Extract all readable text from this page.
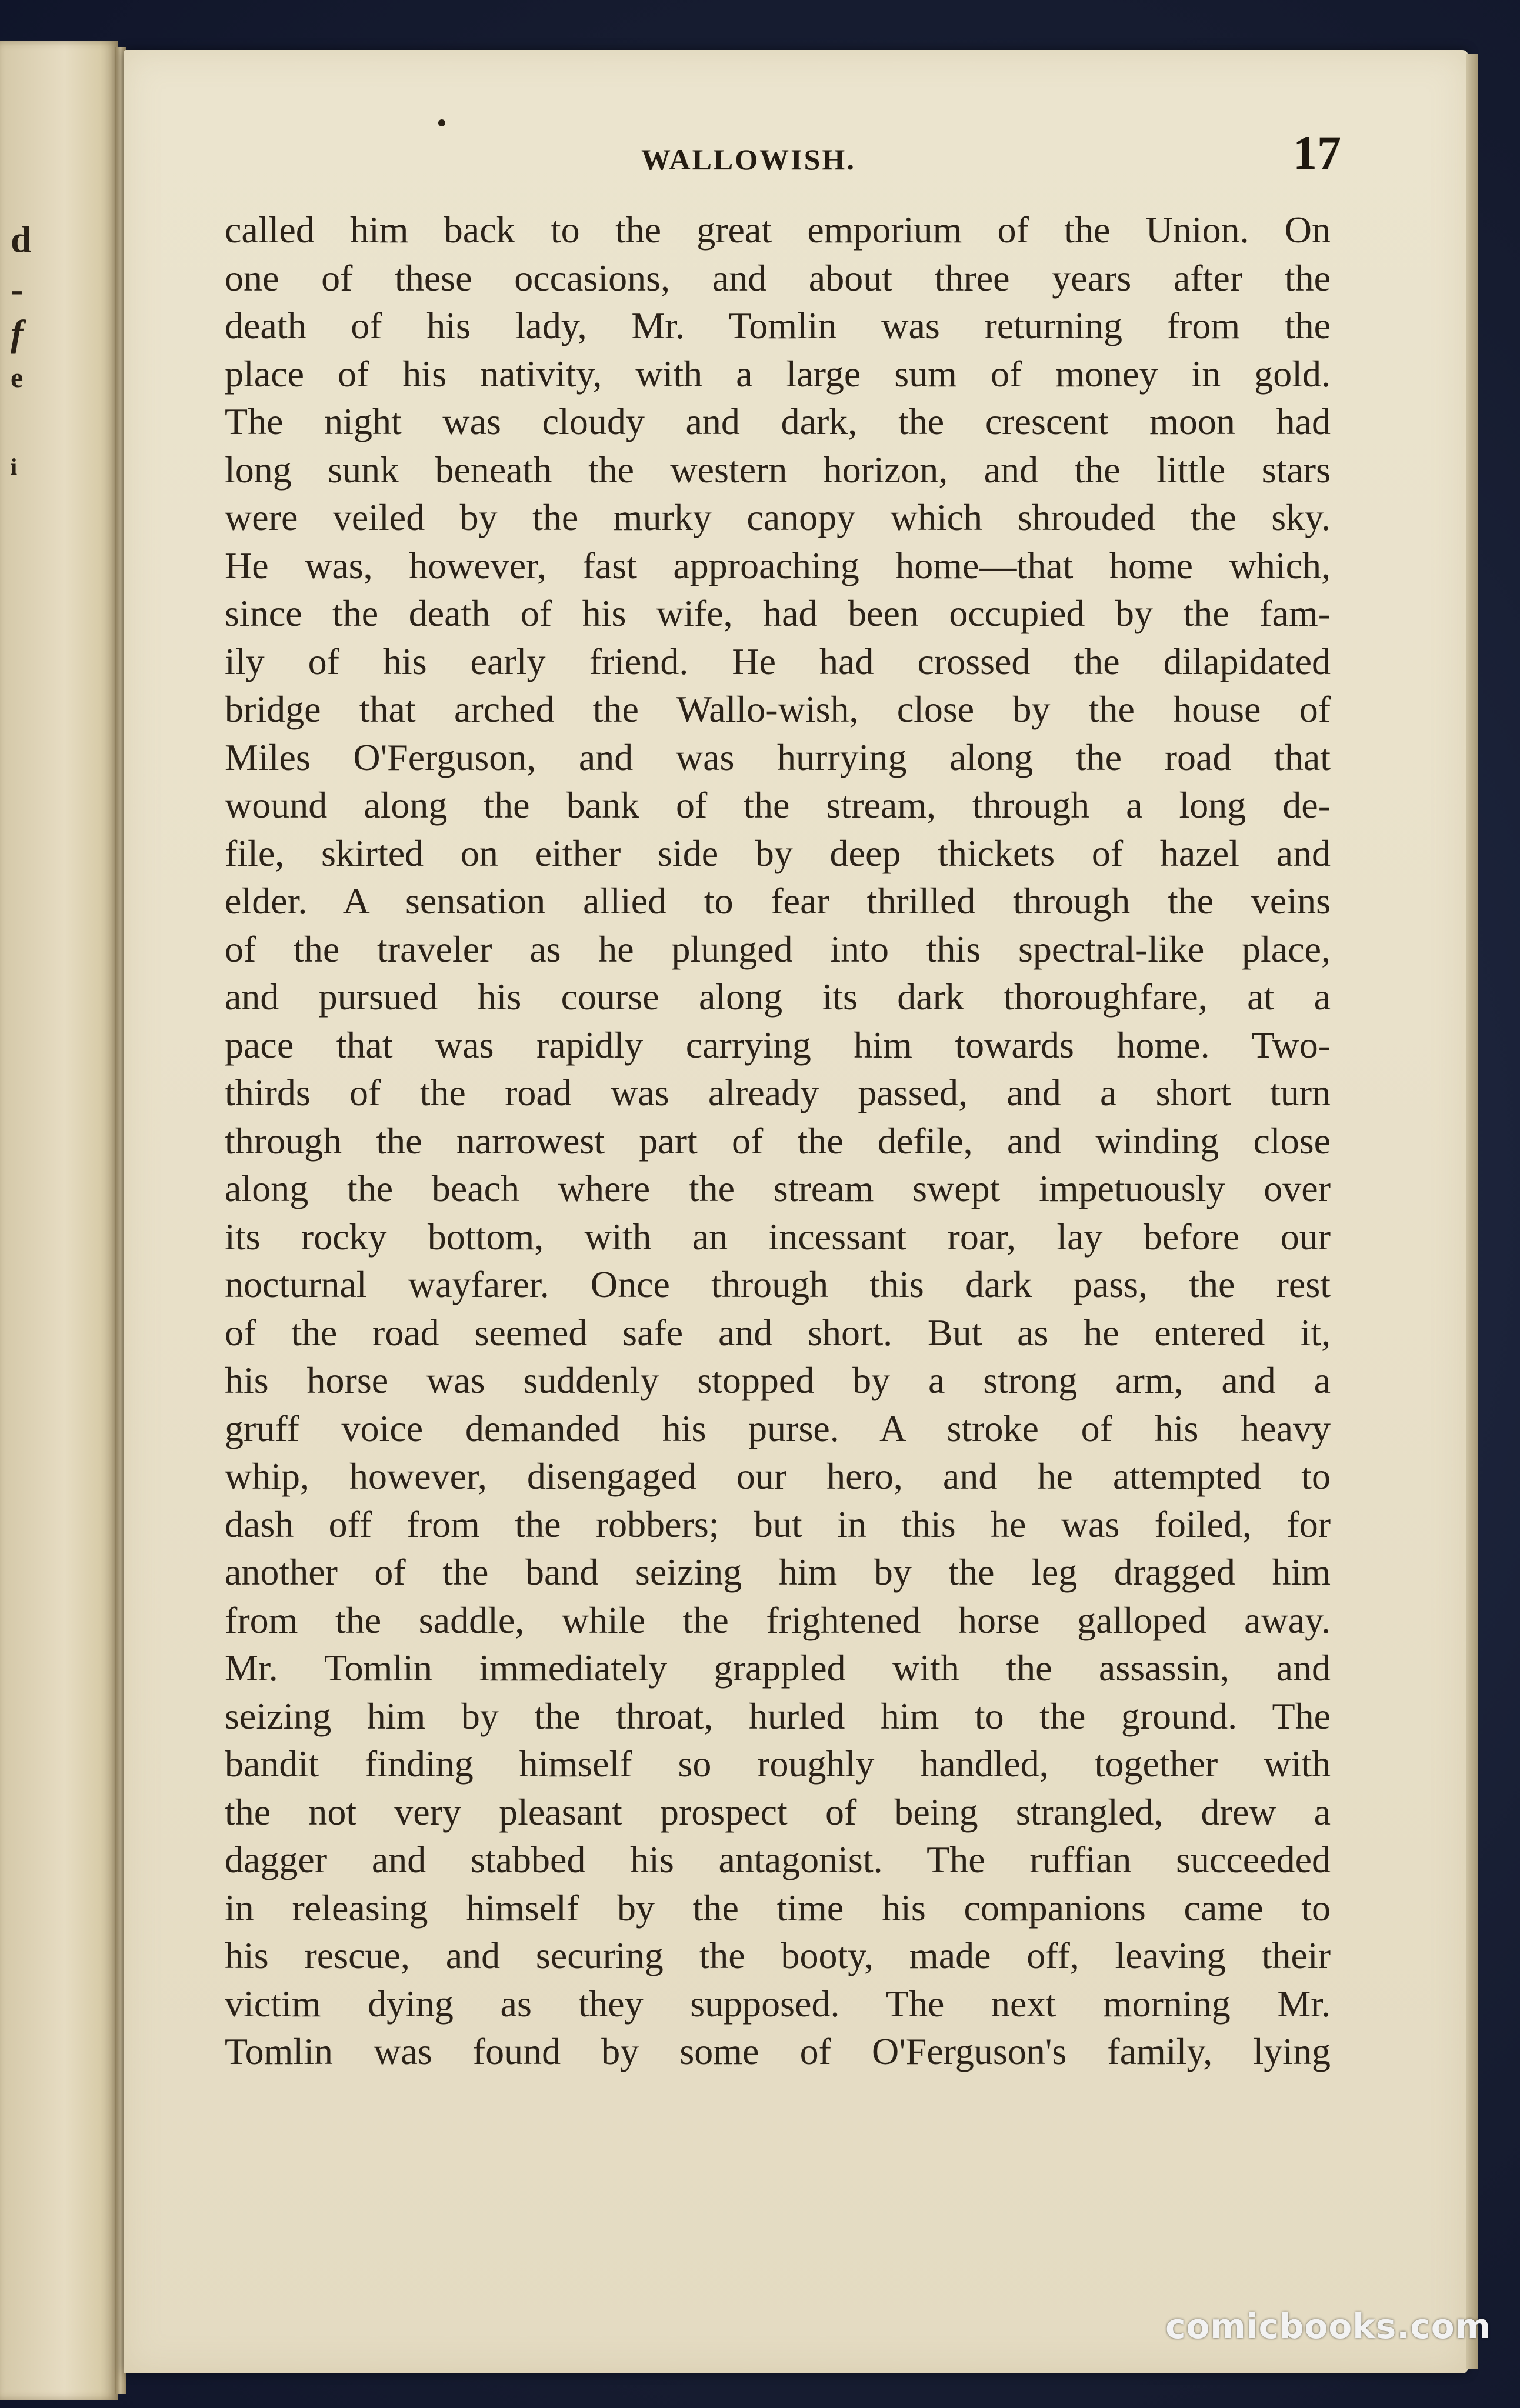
d
-
f
e
i
WALLOWISH.	17
called him back to the great emporium of the Union. On
one of these occasions, and about three years after the
death of his lady, Mr. Tomlin was returning from the
place of his nativity, with a large sum of money in gold.
The night was cloudy and dark, the crescent moon had
long sunk beneath the western horizon, and the little stars
were veiled by the murky canopy which shrouded the sky.
He was, however, fast approaching home—that home which,
since the death of his wife, had been occupied by the fam-
ily of his early friend. He had crossed the dilapidated
bridge that arched the Wallo-wish, close by the house of
Miles O'Ferguson, and was hurrying along the road that
wound along the bank of the stream, through a long de-
file, skirted on either side by deep thickets of hazel and
elder. A sensation allied to fear thrilled through the veins
of the traveler as he plunged into this spectral-like place,
and pursued his course along its dark thoroughfare, at a
pace that was rapidly carrying him towards home. Two-
thirds of the road was already passed, and a short turn
through the narrowest part of the defile, and winding close
along the beach where the stream swept impetuously over
its rocky bottom, with an incessant roar, lay before our
nocturnal wayfarer. Once through this dark pass, the rest
of the road seemed safe and short. But as he entered it,
his horse was suddenly stopped by a strong arm, and a
gruff voice demanded his purse. A stroke of his heavy
whip, however, disengaged our hero, and he attempted to
dash off from the robbers; but in this he was foiled, for
another of the band seizing him by the leg dragged him
from the saddle, while the frightened horse galloped away.
Mr. Tomlin immediately grappled with the assassin, and
seizing him by the throat, hurled him to the ground. The
bandit finding himself so roughly handled, together with
the not very pleasant prospect of being strangled, drew a
dagger and stabbed his antagonist. The ruffian succeeded
in releasing himself by the time his companions came to
his rescue, and securing the booty, made off, leaving their
victim dying as they supposed. The next morning Mr.
Tomlin was found by some of O'Ferguson's family, lying
comicbooks.com
